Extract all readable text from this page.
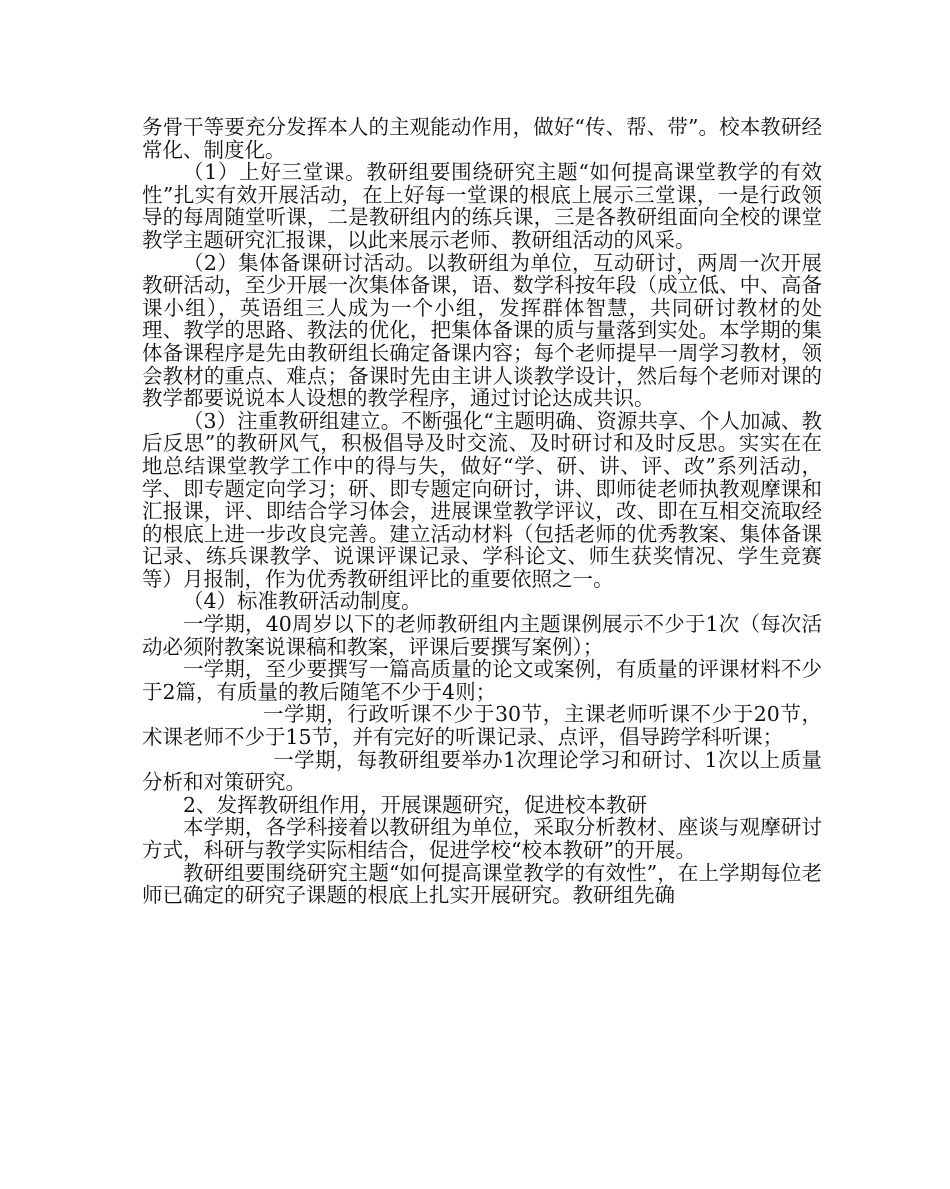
务骨干等要充分发挥本人的主观能动作用，做好“传、帮、带”。校本教研经常化、制度化。

（1）上好三堂课。教研组要围绕研究主题“如何提高课堂教学的有效性”扎实有效开展活动，在上好每一堂课的根底上展示三堂课，一是行政领导的每周随堂听课，二是教研组内的练兵课，三是各教研组面向全校的课堂教学主题研究汇报课，以此来展示老师、教研组活动的风采。

（2）集体备课研讨活动。以教研组为单位，互动研讨，两周一次开展教研活动，至少开展一次集体备课，语、数学科按年段（成立低、中、高备课小组），英语组三人成为一个小组，发挥群体智慧，共同研讨教材的处理、教学的思路、教法的优化，把集体备课的质与量落到实处。本学期的集体备课程序是先由教研组长确定备课内容；每个老师提早一周学习教材，领会教材的重点、难点；备课时先由主讲人谈教学设计，然后每个老师对课的教学都要说说本人设想的教学程序，通过讨论达成共识。

（3）注重教研组建立。不断强化“主题明确、资源共享、个人加减、教后反思”的教研风气，积极倡导及时交流、及时研讨和及时反思。实实在在地总结课堂教学工作中的得与失，做好“学、研、讲、评、改”系列活动，学、即专题定向学习；研、即专题定向研讨，讲、即师徒老师执教观摩课和汇报课，评、即结合学习体会，进展课堂教学评议，改、即在互相交流取经的根底上进一步改良完善。建立活动材料（包括老师的优秀教案、集体备课记录、练兵课教学、说课评课记录、学科论文、师生获奖情况、学生竞赛等）月报制，作为优秀教研组评比的重要依照之一。

（4）标准教研活动制度。

一学期，40周岁以下的老师教研组内主题课例展示不少于1次（每次活动必须附教案说课稿和教案，评课后要撰写案例）；

一学期，至少要撰写一篇高质量的论文或案例，有质量的评课材料不少于2篇，有质量的教后随笔不少于4则；

一学期，行政听课不少于30节，主课老师听课不少于20节，术课老师不少于15节，并有完好的听课记录、点评，倡导跨学科听课；

一学期，每教研组要举办1次理论学习和研讨、1次以上质量分析和对策研究。

2、发挥教研组作用，开展课题研究，促进校本教研

本学期，各学科接着以教研组为单位，采取分析教材、座谈与观摩研讨方式，科研与教学实际相结合，促进学校“校本教研”的开展。

教研组要围绕研究主题“如何提高课堂教学的有效性”，在上学期每位老师已确定的研究子课题的根底上扎实开展研究。教研组先确
